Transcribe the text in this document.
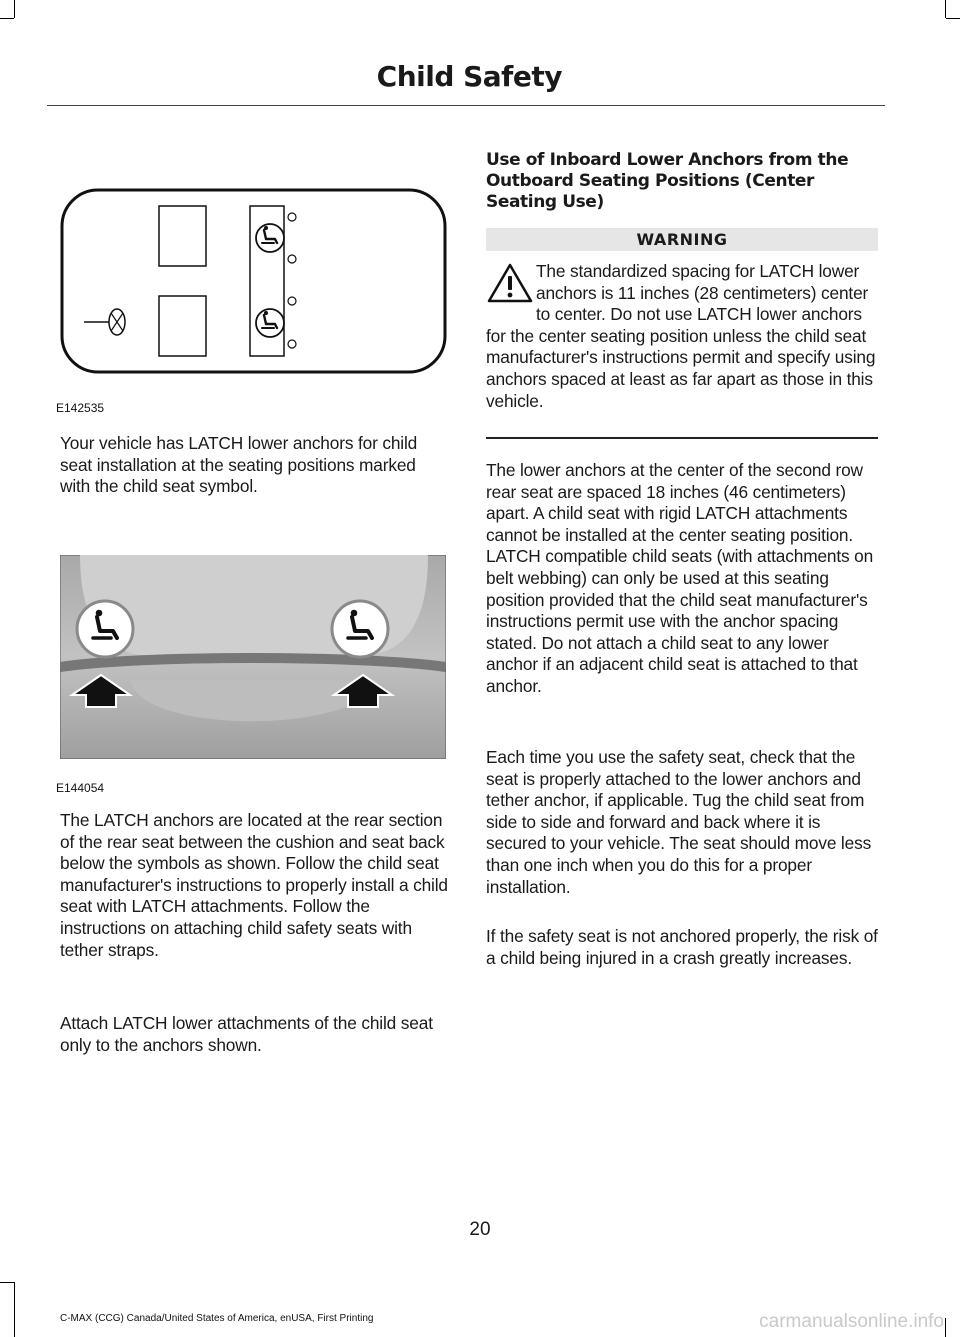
Child Safety
E142535

Your vehicle has LATCH lower anchors for child seat installation at the seating positions marked with the child seat symbol.

E144054

The LATCH anchors are located at the rear section of the rear seat between the cushion and seat back below the symbols as shown. Follow the child seat manufacturer's instructions to properly install a child seat with LATCH attachments. Follow the instructions on attaching child safety seats with tether straps.

Attach LATCH lower attachments of the child seat only to the anchors shown.

Use of Inboard Lower Anchors from the Outboard Seating Positions (Center Seating Use)
WARNING

The standardized spacing for LATCH lower anchors is 11 inches (28 centimeters) center to center. Do not use LATCH lower anchors for the center seating position unless the child seat manufacturer's instructions permit and specify using anchors spaced at least as far apart as those in this vehicle.

The lower anchors at the center of the second row rear seat are spaced 18 inches (46 centimeters) apart. A child seat with rigid LATCH attachments cannot be installed at the center seating position. LATCH compatible child seats (with attachments on belt webbing) can only be used at this seating position provided that the child seat manufacturer's instructions permit use with the anchor spacing stated. Do not attach a child seat to any lower anchor if an adjacent child seat is attached to that anchor.

Each time you use the safety seat, check that the seat is properly attached to the lower anchors and tether anchor, if applicable. Tug the child seat from side to side and forward and back where it is secured to your vehicle. The seat should move less than one inch when you do this for a proper installation.

If the safety seat is not anchored properly, the risk of a child being injured in a crash greatly increases.

20
C-MAX (CCG) Canada/United States of America, enUSA, First Printing	carmanualsonline.info
